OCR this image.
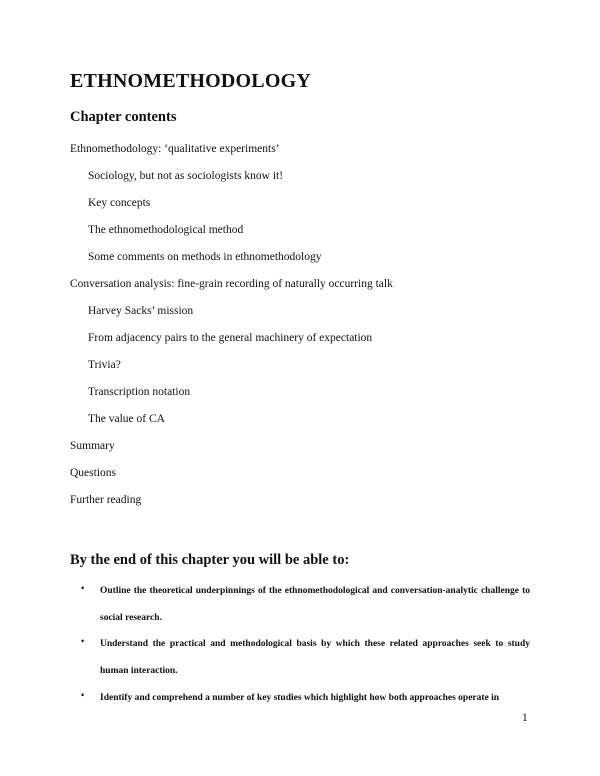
ETHNOMETHODOLOGY
Chapter contents
Ethnomethodology: ‘qualitative experiments’
Sociology, but not as sociologists know it!
Key concepts
The ethnomethodological method
Some comments on methods in ethnomethodology
Conversation analysis: fine-grain recording of naturally occurring talk
Harvey Sacks’ mission
From adjacency pairs to the general machinery of expectation
Trivia?
Transcription notation
The value of CA
Summary
Questions
Further reading
By the end of this chapter you will be able to:
• Outline the theoretical underpinnings of the ethnomethodological and conversation-analytic challenge to social research.
• Understand the practical and methodological basis by which these related approaches seek to study human interaction.
• Identify and comprehend a number of key studies which highlight how both approaches operate in
1
